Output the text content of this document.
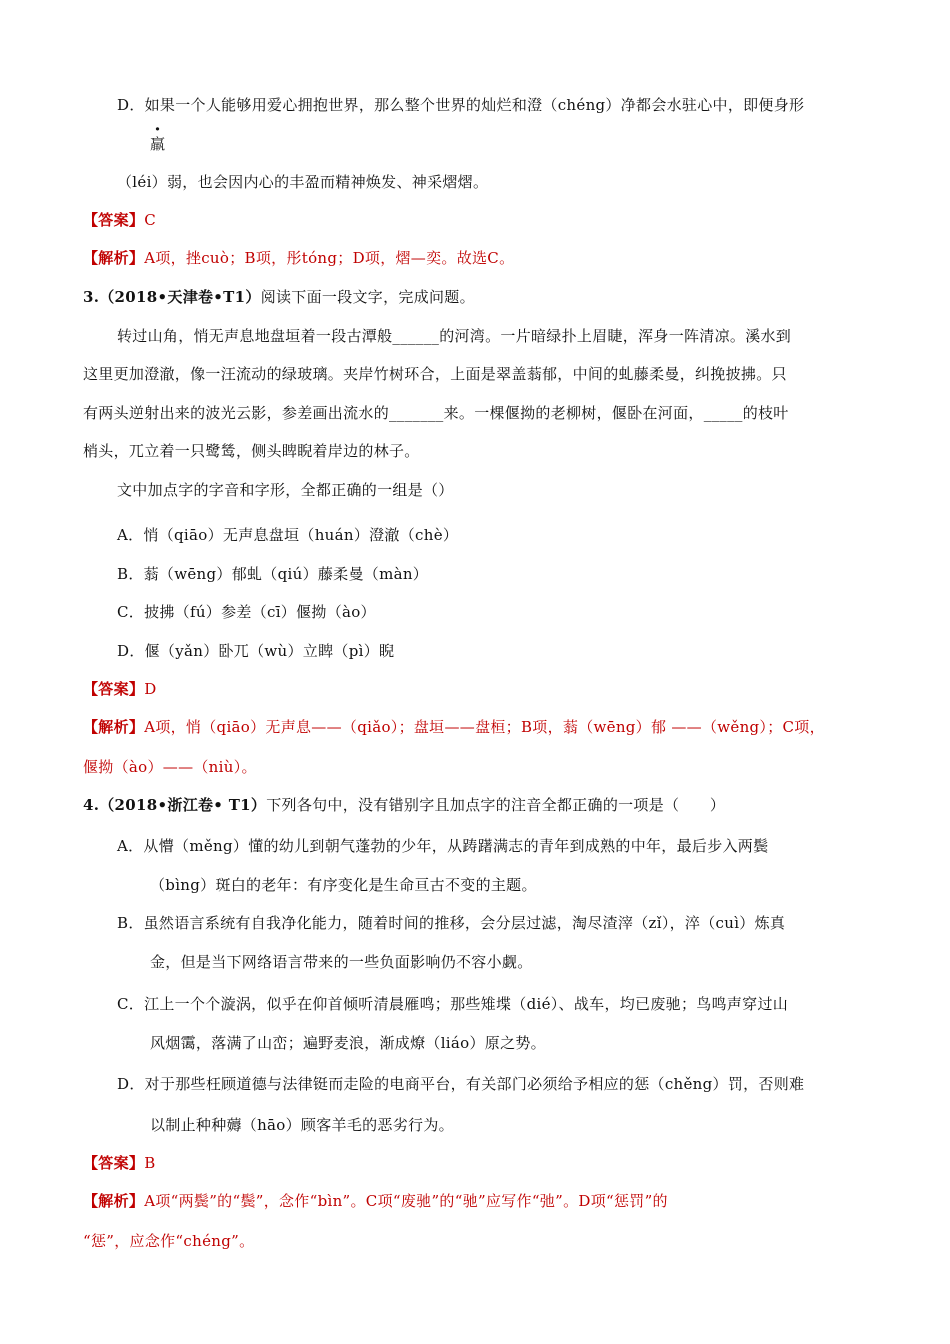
D．如果一个人能够用爱心拥抱世界，那么整个世界的灿烂和澄（chéng）净都会水驻心中，即便身形
羸
（léi）弱，也会因内心的丰盈而精神焕发、神采熠熠。
【答案】C
【解析】A项，挫cuò；B项，彤tóng；D项，熠—奕。故选C。
3.（2018•天津卷•T1）阅读下面一段文字，完成问题。
转过山角，悄无声息地盘垣着一段古潭般______的河湾。一片暗绿扑上眉睫，浑身一阵清凉。溪水到
这里更加澄澈，像一汪流动的绿玻璃。夹岸竹树环合，上面是翠盖蓊郁，中间的虬藤柔曼，纠挽披拂。只
有两头逆射出来的波光云影，参差画出流水的_______来。一棵偃拗的老柳树，偃卧在河面，_____的枝叶
梢头，兀立着一只鹭鸶，侧头睥睨着岸边的林子。
文中加点字的字音和字形，全都正确的一组是（）
A．悄（qiāo）无声息盘垣（huán）澄澈（chè）
B．蓊（wēng）郁虬（qiú）藤柔曼（màn）
C．披拂（fú）参差（cī）偃拗（ào）
D．偃（yǎn）卧兀（wù）立睥（pì）睨
【答案】D
【解析】A项，悄（qiāo）无声息——（qiǎo）；盘垣——盘桓；B项，蓊（wēng）郁 ——（wěng）；C项，
偃拗（ào）——（niù）。
4.（2018•浙江卷• T1）下列各句中，没有错别字且加点字的注音全都正确的一项是（　　）
A．从懵（měng）懂的幼儿到朝气蓬勃的少年，从踌躇满志的青年到成熟的中年，最后步入两鬓
（bìng）斑白的老年：有序变化是生命亘古不变的主题。
B．虽然语言系统有自我净化能力，随着时间的推移，会分层过滤，淘尽渣滓（zǐ），淬（cuì）炼真
金，但是当下网络语言带来的一些负面影响仍不容小觑。
C．江上一个个漩涡，似乎在仰首倾听清晨雁鸣；那些雉堞（dié）、战车，均已废驰；鸟鸣声穿过山
风烟霭，落满了山峦；遍野麦浪，渐成燎（liáo）原之势。
D．对于那些枉顾道德与法律铤而走险的电商平台，有关部门必须给予相应的惩（chěng）罚，否则难
以制止种种薅（hāo）顾客羊毛的恶劣行为。
【答案】B
【解析】A项“两鬓”的“鬓”，念作“bìn”。C项“废驰”的“驰”应写作“弛”。D项“惩罚”的
“惩”，应念作“chéng”。
